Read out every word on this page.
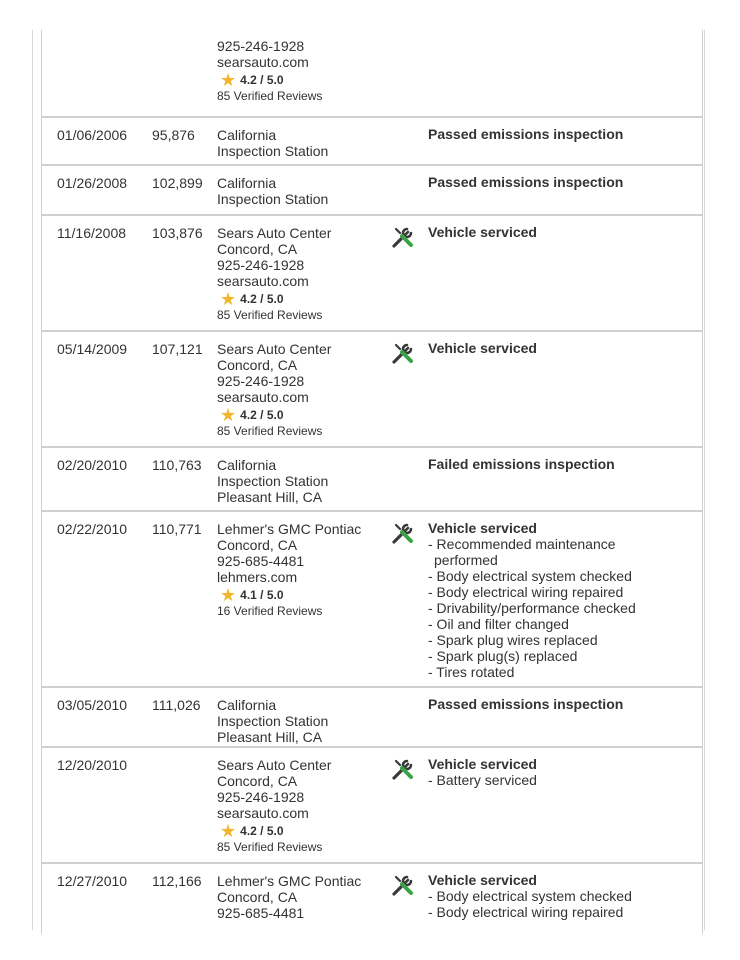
925-246-1928
searsauto.com
★ 4.2 / 5.0
85 Verified Reviews
01/06/2006 95,876 California
Inspection Station
Passed emissions inspection
01/26/2008 102,899 California
Inspection Station
Passed emissions inspection
11/16/2008 103,876 Sears Auto Center
Concord, CA
925-246-1928
searsauto.com
★ 4.2 / 5.0
85 Verified Reviews
Vehicle serviced
05/14/2009 107,121 Sears Auto Center
Concord, CA
925-246-1928
searsauto.com
★ 4.2 / 5.0
85 Verified Reviews
Vehicle serviced
02/20/2010 110,763 California
Inspection Station
Pleasant Hill, CA
Failed emissions inspection
02/22/2010 110,771 Lehmer's GMC Pontiac
Concord, CA
925-685-4481
lehmers.com
★ 4.1 / 5.0
16 Verified Reviews
Vehicle serviced
- Recommended maintenance
performed
- Body electrical system checked
- Body electrical wiring repaired
- Drivability/performance checked
- Oil and filter changed
- Spark plug wires replaced
- Spark plug(s) replaced
- Tires rotated
03/05/2010 111,026 California
Inspection Station
Pleasant Hill, CA
Passed emissions inspection
12/20/2010	Sears Auto Center
Concord, CA
925-246-1928
searsauto.com
★ 4.2 / 5.0
85 Verified Reviews
Vehicle serviced
- Battery serviced
12/27/2010 112,166 Lehmer's GMC Pontiac
Concord, CA
925-685-4481
Vehicle serviced
- Body electrical system checked
- Body electrical wiring repaired
